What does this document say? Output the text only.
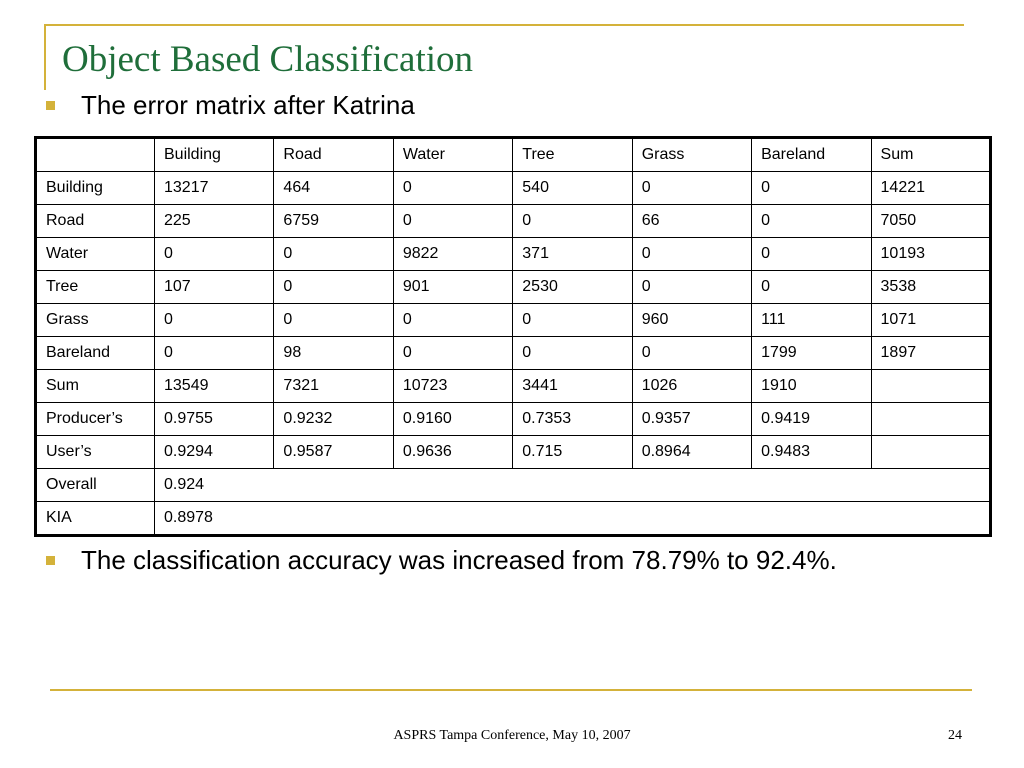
Object Based Classification
The error matrix after Katrina
	Building	Road	Water	Tree	Grass	Bareland	Sum
Building	13217	464	0	540	0	0	14221
Road	225	6759	0	0	66	0	7050
Water	0	0	9822	371	0	0	10193
Tree	107	0	901	2530	0	0	3538
Grass	0	0	0	0	960	111	1071
Bareland	0	98	0	0	0	1799	1897
Sum	13549	7321	10723	3441	1026	1910	
Producer’s	0.9755	0.9232	0.9160	0.7353	0.9357	0.9419	
User’s	0.9294	0.9587	0.9636	0.715	0.8964	0.9483	
Overall	0.924						
KIA	0.8978						
The classification accuracy was increased from 78.79% to 92.4%.
ASPRS Tampa Conference, May 10, 2007	24
